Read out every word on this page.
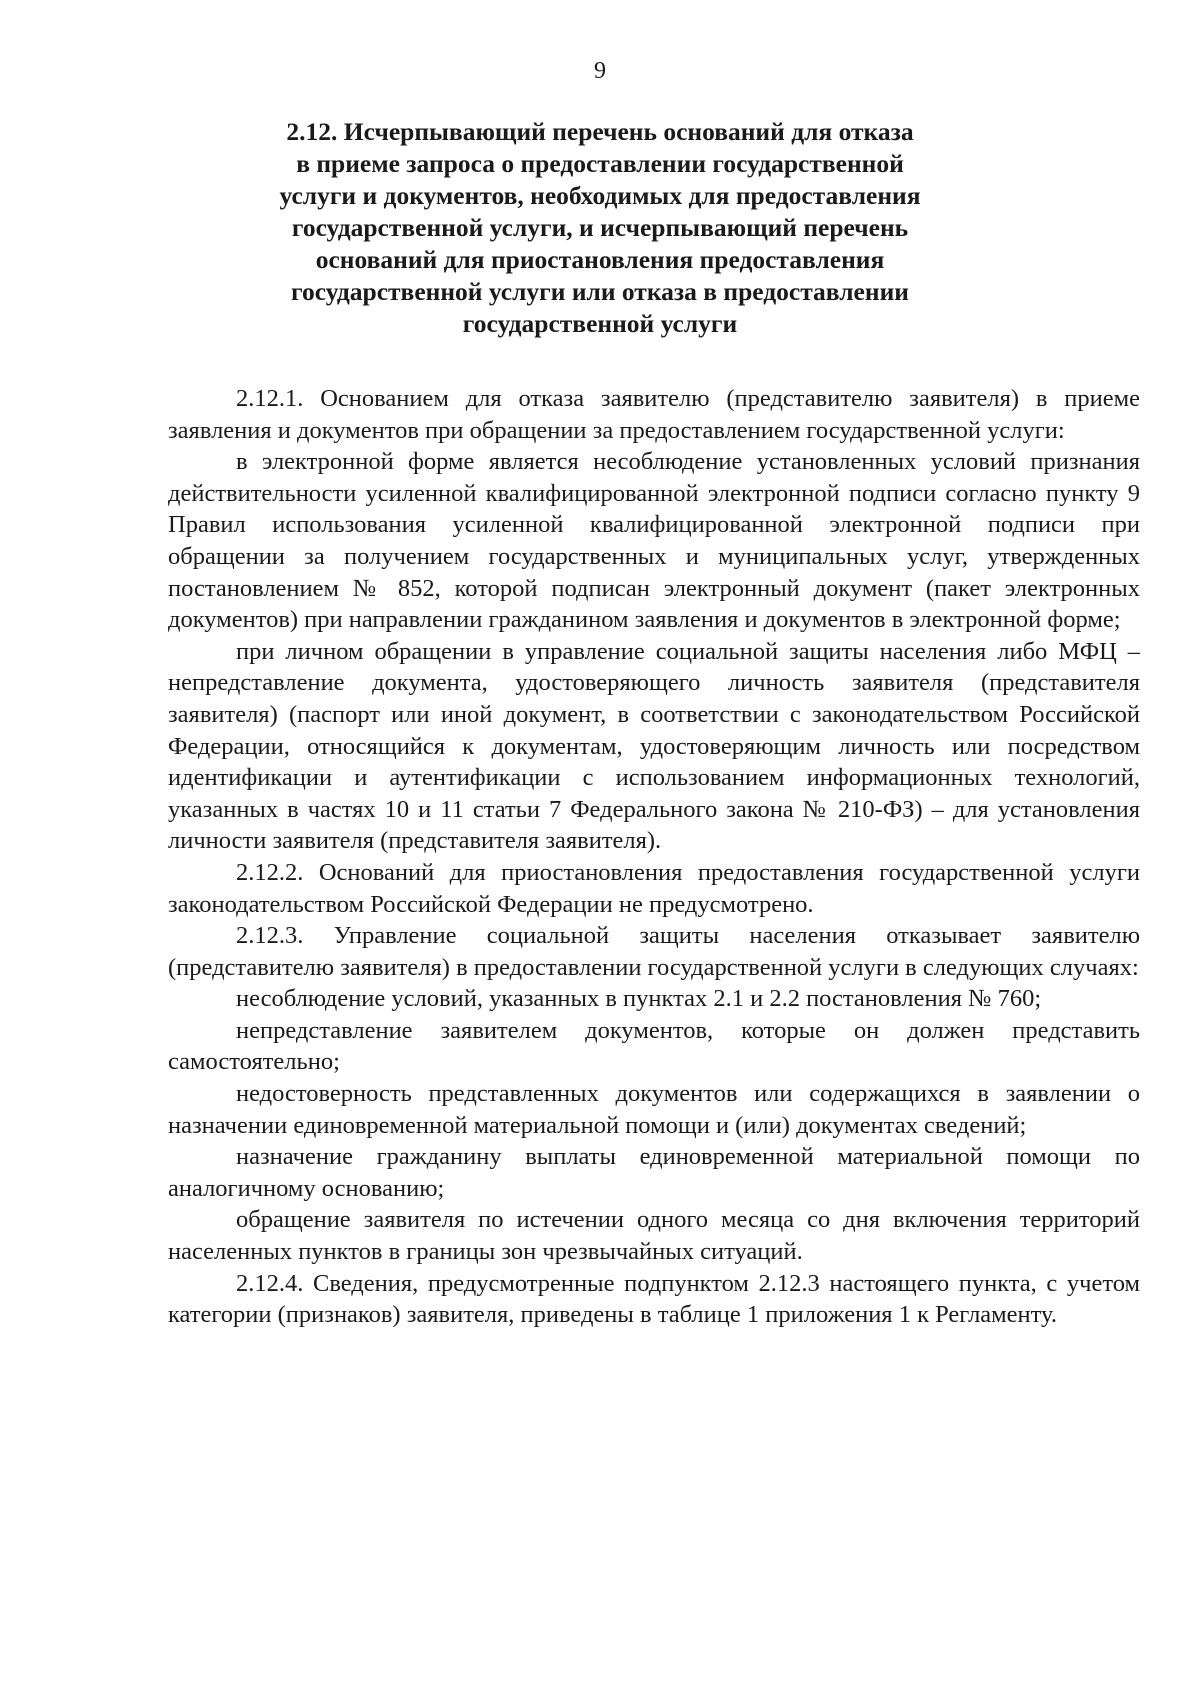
9
2.12. Исчерпывающий перечень оснований для отказа
в приеме запроса о предоставлении государственной
услуги и документов, необходимых для предоставления
государственной услуги, и исчерпывающий перечень
оснований для приостановления предоставления
государственной услуги или отказа в предоставлении
государственной услуги

2.12.1. Основанием для отказа заявителю (представителю заявителя) в приеме заявления и документов при обращении за предоставлением государственной услуги:

в электронной форме является несоблюдение установленных условий признания действительности усиленной квалифицированной электронной подписи согласно пункту 9 Правил использования усиленной квалифицированной электронной подписи при обращении за получением государственных и муниципальных услуг, утвержденных постановлением № 852, которой подписан электронный документ (пакет электронных документов) при направлении гражданином заявления и документов в электронной форме;

при личном обращении в управление социальной защиты населения либо МФЦ – непредставление документа, удостоверяющего личность заявителя (представителя заявителя) (паспорт или иной документ, в соответствии с законодательством Российской Федерации, относящийся к документам, удостоверяющим личность или посредством идентификации и аутентификации с использованием информационных технологий, указанных в частях 10 и 11 статьи 7 Федерального закона № 210-ФЗ) – для установления личности заявителя (представителя заявителя).

2.12.2. Оснований для приостановления предоставления государственной услуги законодательством Российской Федерации не предусмотрено.

2.12.3. Управление социальной защиты населения отказывает заявителю (представителю заявителя) в предоставлении государственной услуги в следующих случаях:

несоблюдение условий, указанных в пунктах 2.1 и 2.2 постановления № 760;

непредставление заявителем документов, которые он должен представить самостоятельно;

недостоверность представленных документов или содержащихся в заявлении о назначении единовременной материальной помощи и (или) документах сведений;

назначение гражданину выплаты единовременной материальной помощи по аналогичному основанию;

обращение заявителя по истечении одного месяца со дня включения территорий населенных пунктов в границы зон чрезвычайных ситуаций.

2.12.4. Сведения, предусмотренные подпунктом 2.12.3 настоящего пункта, с учетом категории (признаков) заявителя, приведены в таблице 1 приложения 1 к Регламенту.
